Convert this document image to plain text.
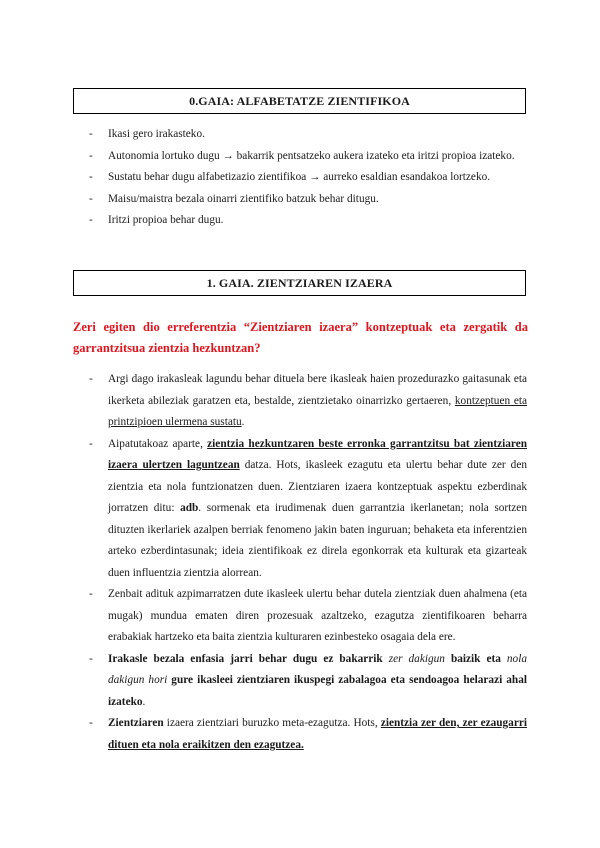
0.GAIA: ALFABETATZE ZIENTIFIKOA
- Ikasi gero irakasteko.
- Autonomia lortuko dugu → bakarrik pentsatzeko aukera izateko eta iritzi propioa izateko.
- Sustatu behar dugu alfabetizazio zientifikoa → aurreko esaldian esandakoa lortzeko.
- Maisu/maistra bezala oinarri zientifiko batzuk behar ditugu.
- Iritzi propioa behar dugu.
1. GAIA. ZIENTZIAREN IZAERA
Zeri egiten dio erreferentzia “Zientziaren izaera” kontzeptuak eta zergatik da garrantzitsua zientzia hezkuntzan?
- Argi dago irakasleak lagundu behar dituela bere ikasleak haien prozedurazko gaitasunak eta ikerketa abileziak garatzen eta, bestalde, zientzietako oinarrizko gertaeren, kontzeptuen eta printzipioen ulermena sustatu.
- Aipatutakoaz aparte, zientzia hezkuntzaren beste erronka garrantzitsu bat zientziaren izaera ulertzen laguntzean datza. Hots, ikasleek ezagutu eta ulertu behar dute zer den zientzia eta nola funtzionatzen duen. Zientziaren izaera kontzeptuak aspektu ezberdinak jorratzen ditu: adb. sormenak eta irudimenak duen garrantzia ikerlanetan; nola sortzen dituzten ikerlariek azalpen berriak fenomeno jakin baten inguruan; behaketa eta inferentzien arteko ezberdintasunak; ideia zientifikoak ez direla egonkorrak eta kulturak eta gizarteak duen influentzia zientzia alorrean.
- Zenbait adituk azpimarratzen dute ikasleek ulertu behar dutela zientziak duen ahalmena (eta mugak) mundua ematen diren prozesuak azaltzeko, ezagutza zientifikoaren beharra erabakiak hartzeko eta baita zientzia kulturaren ezinbesteko osagaia dela ere.
- Irakasle bezala enfasia jarri behar dugu ez bakarrik zer dakigun baizik eta nola dakigun hori gure ikasleei zientziaren ikuspegi zabalagoa eta sendoagoa helarazi ahal izateko.
- Zientziaren izaera zientziari buruzko meta-ezagutza. Hots, zientzia zer den, zer ezaugarri dituen eta nola eraikitzen den ezagutzea.
